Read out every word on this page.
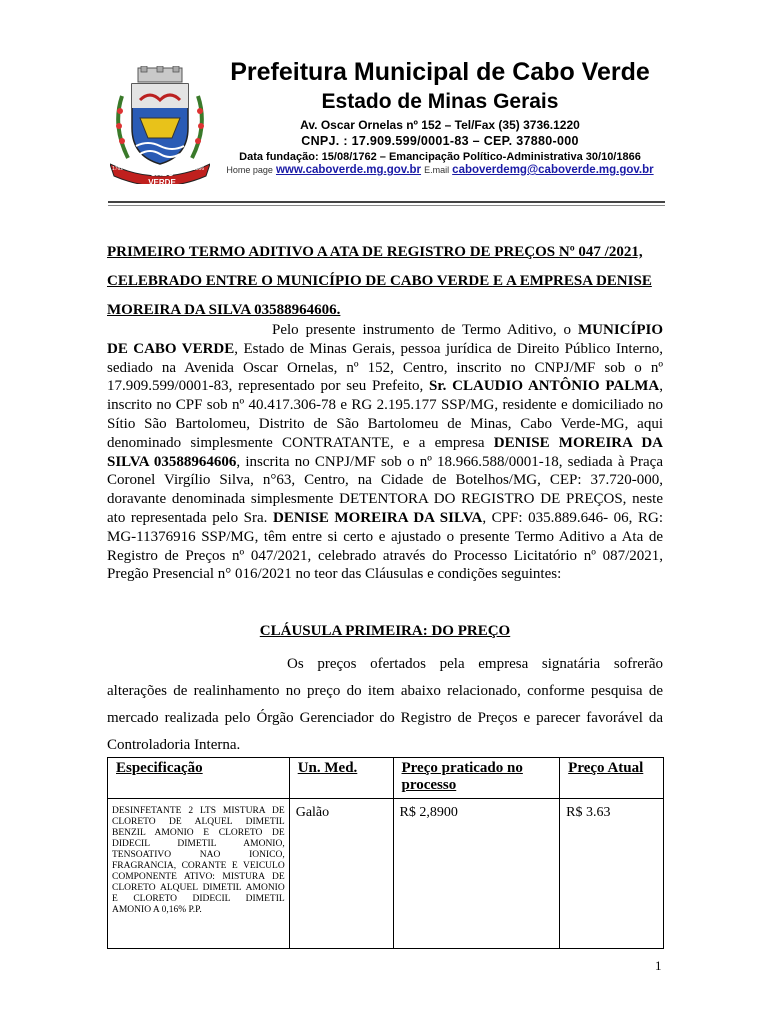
CABO VERDE
1762	1866
Prefeitura Municipal de Cabo Verde
Estado de Minas Gerais
Av. Oscar Ornelas nº 152 – Tel/Fax (35) 3736.1220
CNPJ. : 17.909.599/0001-83 – CEP. 37880-000
Data fundação: 15/08/1762 – Emancipação Político-Administrativa 30/10/1866
Home page www.caboverde.mg.gov.br E.mail caboverdemg@caboverde.mg.gov.br
PRIMEIRO TERMO ADITIVO A ATA DE REGISTRO DE PREÇOS Nº 047 /2021, CELEBRADO ENTRE O MUNICÍPIO DE CABO VERDE E A EMPRESA DENISE MOREIRA DA SILVA 03588964606.
Pelo presente instrumento de Termo Aditivo, o MUNICÍPIO DE CABO VERDE, Estado de Minas Gerais, pessoa jurídica de Direito Público Interno, sediado na Avenida Oscar Ornelas, nº 152, Centro, inscrito no CNPJ/MF sob o nº 17.909.599/0001-83, representado por seu Prefeito, Sr. CLAUDIO ANTÔNIO PALMA, inscrito no CPF sob nº 40.417.306-78 e RG 2.195.177 SSP/MG, residente e domiciliado no Sítio São Bartolomeu, Distrito de São Bartolomeu de Minas, Cabo Verde-MG, aqui denominado simplesmente CONTRATANTE, e a empresa DENISE MOREIRA DA SILVA 03588964606, inscrita no CNPJ/MF sob o nº 18.966.588/0001-18, sediada à Praça Coronel Virgílio Silva, n°63, Centro, na Cidade de Botelhos/MG, CEP: 37.720-000, doravante denominada simplesmente DETENTORA DO REGISTRO DE PREÇOS, neste ato representada pelo Sra. DENISE MOREIRA DA SILVA, CPF: 035.889.646- 06, RG: MG-11376916 SSP/MG, têm entre si certo e ajustado o presente Termo Aditivo a Ata de Registro de Preços nº 047/2021, celebrado através do Processo Licitatório nº 087/2021, Pregão Presencial n° 016/2021 no teor das Cláusulas e condições seguintes:
CLÁUSULA PRIMEIRA: DO PREÇO
Os preços ofertados pela empresa signatária sofrerão alterações de realinhamento no preço do item abaixo relacionado, conforme pesquisa de mercado realizada pelo Órgão Gerenciador do Registro de Preços e parecer favorável da Controladoria Interna.
Especificação	Un. Med.	Preço praticado no processo	Preço Atual
DESINFETANTE 2 LTS MISTURA DE CLORETO DE ALQUEL DIMETIL BENZIL AMONIO E CLORETO DE DIDECIL DIMETIL AMONIO, TENSOATIVO NAO IONICO, FRAGRANCIA, CORANTE E VEICULO COMPONENTE ATIVO: MISTURA DE CLORETO ALQUEL DIMETIL AMONIO E CLORETO DIDECIL DIMETIL AMONIO A 0,16% P.P.	Galão	R$ 2,8900	R$ 3.63
1
